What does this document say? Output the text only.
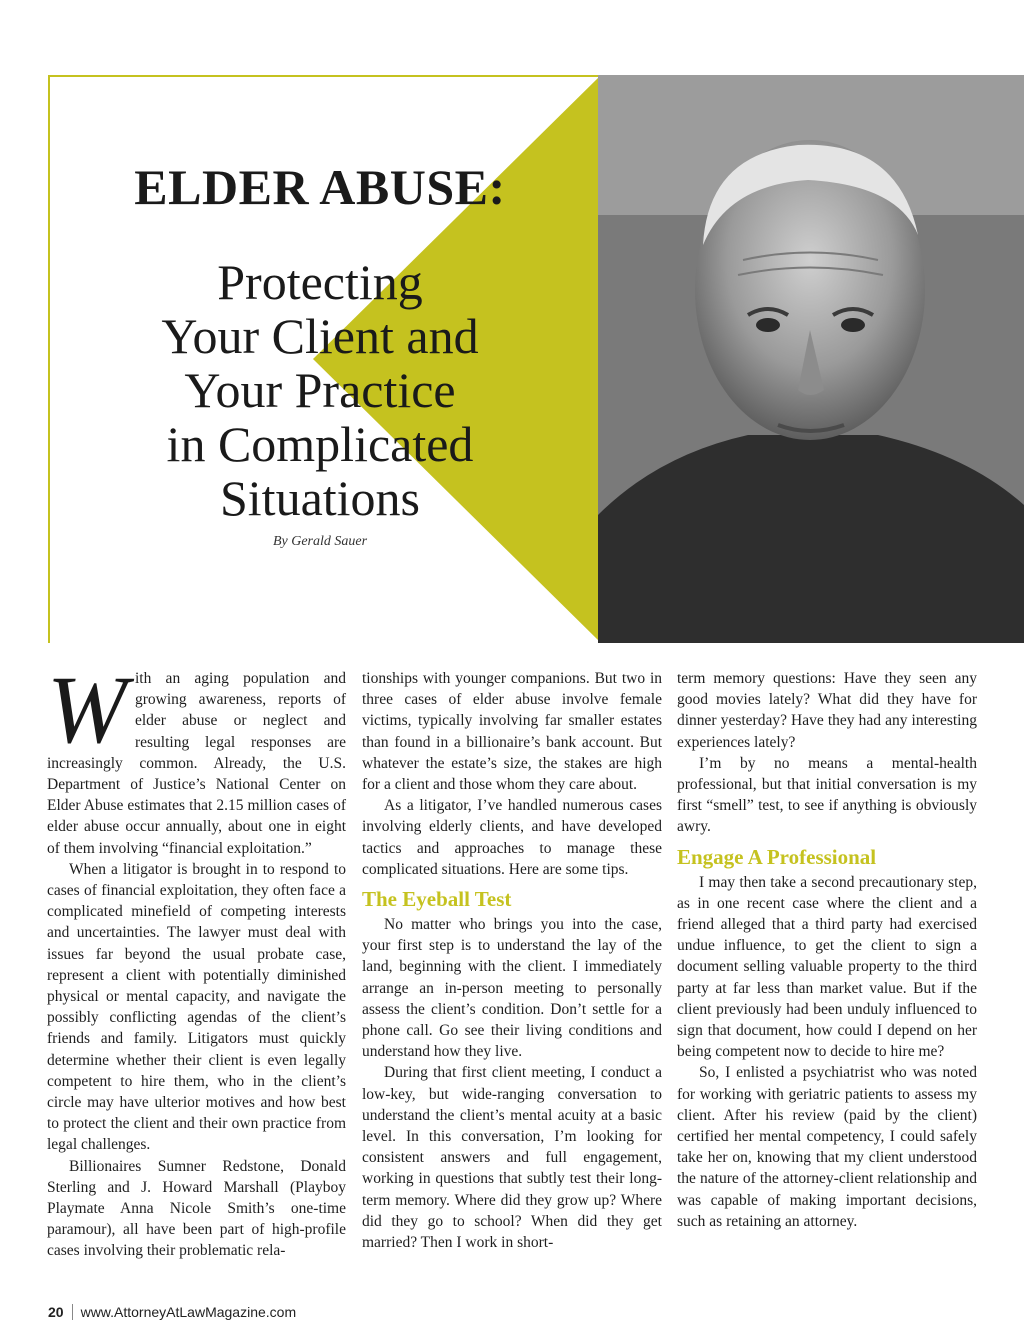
ELDER ABUSE:
Protecting
Your Client and
Your Practice
in Complicated
Situations
By Gerald Sauer

With an aging population and growing awareness, reports of elder abuse or neglect and resulting legal responses are increasingly common. Already, the U.S. Department of Justice’s National Center on Elder Abuse estimates that 2.15 million cases of elder abuse occur annually, about one in eight of them involving “financial exploitation.”

When a litigator is brought in to respond to cases of financial exploitation, they often face a complicated minefield of competing interests and uncertainties. The lawyer must deal with issues far beyond the usual probate case, represent a client with potentially diminished physical or mental capacity, and navigate the possibly conflicting agendas of the client’s friends and family. Litigators must quickly determine whether their client is even legally competent to hire them, who in the client’s circle may have ulterior motives and how best to protect the client and their own practice from legal challenges.

Billionaires Sumner Redstone, Donald Sterling and J. Howard Marshall (Playboy Playmate Anna Nicole Smith’s one-time paramour), all have been part of high-profile cases involving their problematic rela-

tionships with younger companions. But two in three cases of elder abuse involve female victims, typically involving far smaller estates than found in a billionaire’s bank account. But whatever the estate’s size, the stakes are high for a client and those whom they care about.

As a litigator, I’ve handled numerous cases involving elderly clients, and have developed tactics and approaches to manage these complicated situations. Here are some tips.

The Eyeball Test

No matter who brings you into the case, your first step is to understand the lay of the land, beginning with the client. I immediately arrange an in-person meeting to personally assess the client’s condition. Don’t settle for a phone call. Go see their living conditions and understand how they live.

During that first client meeting, I conduct a low-key, but wide-ranging conversation to understand the client’s mental acuity at a basic level. In this conversation, I’m looking for consistent answers and full engagement, working in questions that subtly test their long-term memory. Where did they grow up? Where did they go to school? When did they get married? Then I work in short-

term memory questions: Have they seen any good movies lately? What did they have for dinner yesterday? Have they had any interesting experiences lately?

I’m by no means a mental-health professional, but that initial conversation is my first “smell” test, to see if anything is obviously awry.

Engage A Professional

I may then take a second precautionary step, as in one recent case where the client and a friend alleged that a third party had exercised undue influence, to get the client to sign a document selling valuable property to the third party at far less than market value. But if the client previously had been unduly influenced to sign that document, how could I depend on her being competent now to decide to hire me?

So, I enlisted a psychiatrist who was noted for working with geriatric patients to assess my client. After his review (paid by the client) certified her mental competency, I could safely take her on, knowing that my client understood the nature of the attorney-client relationship and was capable of making important decisions, such as retaining an attorney.

20 www.AttorneyAtLawMagazine.com
